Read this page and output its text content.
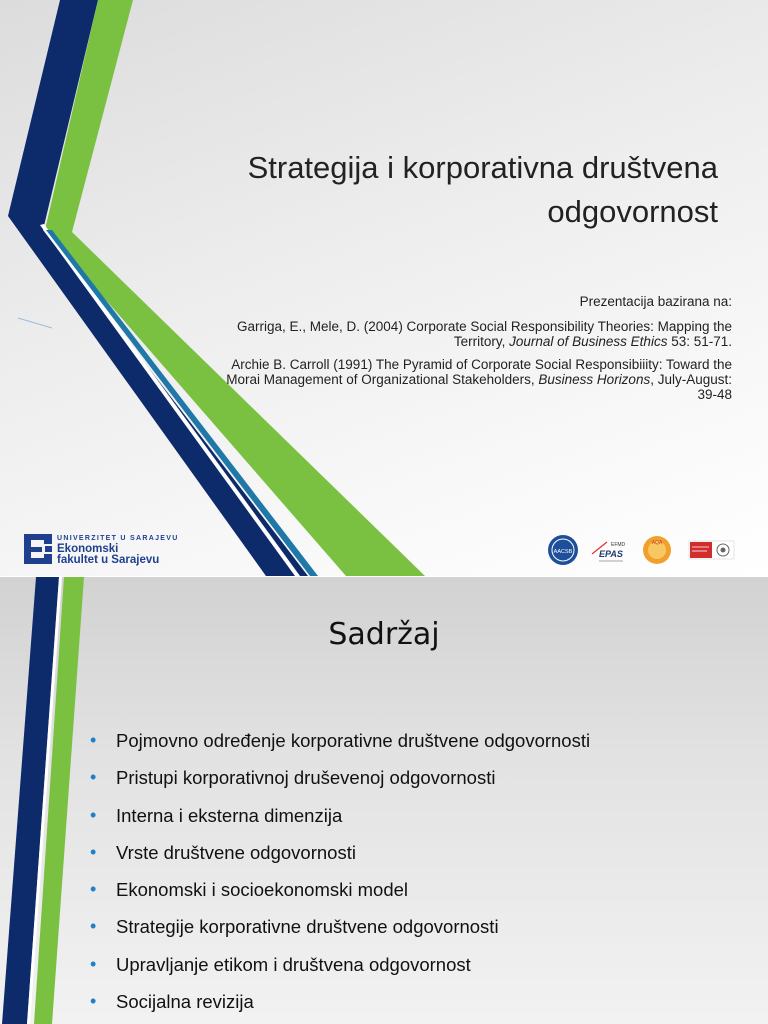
Strategija i korporativna društvena
odgovornost

Prezentacija bazirana na:

Garriga, E., Mele, D. (2004) Corporate Social Responsibility Theories: Mapping the Territory, Journal of Business Ethics 53: 51-71.

Archie B. Carroll (1991) The Pyramid of Corporate Social Responsibiiity: Toward the Morai Management of Organizational Stakeholders, Business Horizons, July-August: 39-48

UNIVERZITET U SARAJEVU
Ekonomski
fakultet u Sarajevu
AACSB
EFMD
EPAS
AQA
Sadržaj
• Pojmovno određenje korporativne društvene odgovornosti
• Pristupi korporativnoj druševenoj odgovornosti
• Interna i eksterna dimenzija
• Vrste društvene odgovornosti
• Ekonomski i socioekonomski model
• Strategije korporativne društvene odgovornosti
• Upravljanje etikom i društvena odgovornost
• Socijalna revizija
